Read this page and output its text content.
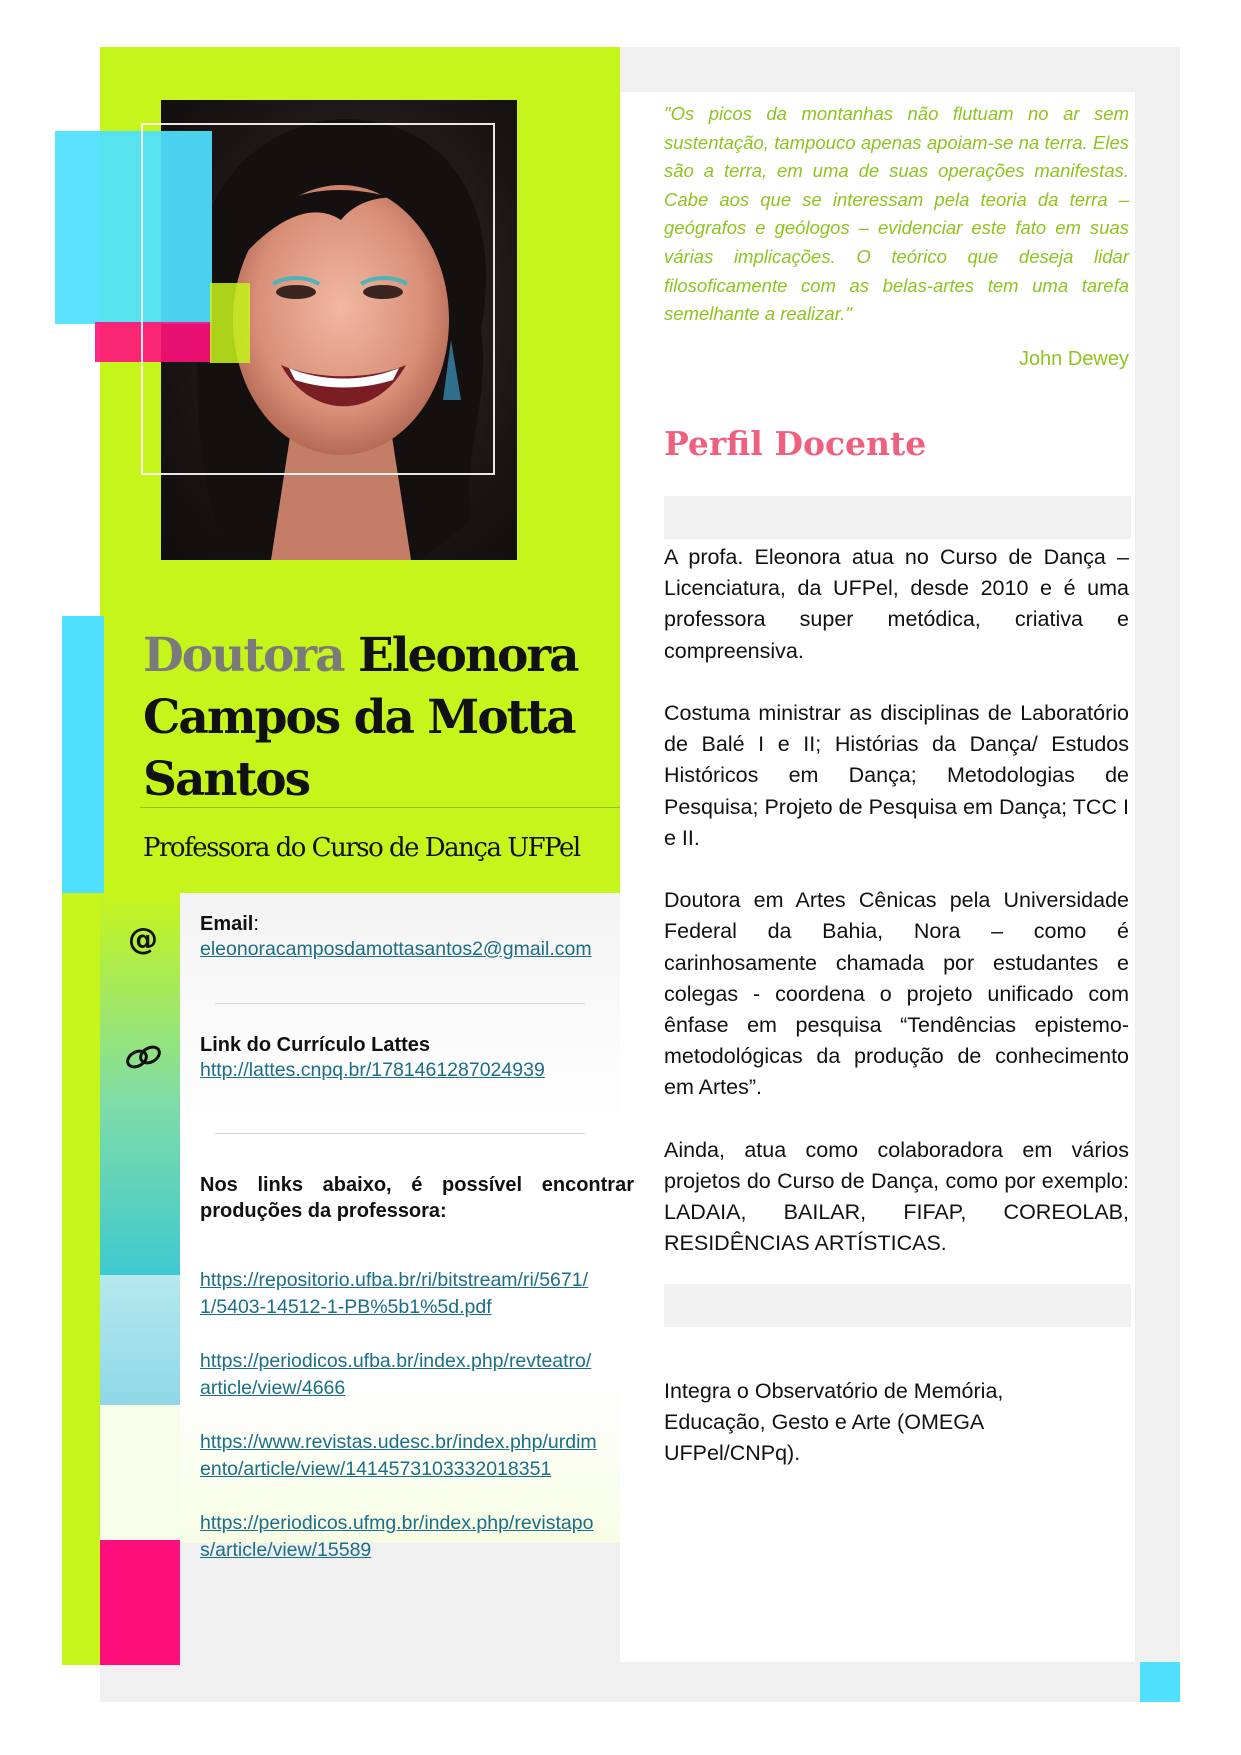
Doutora Eleonora
Campos da Motta
Santos
Professora do Curso de Dança UFPel
@ Email:
eleonoracamposdamottasantos2@gmail.com
Link do Currículo Lattes
http://lattes.cnpq.br/1781461287024939
Nos links abaixo, é possível encontrar produções da professora:
https://repositorio.ufba.br/ri/bitstream/ri/5671/1/5403-14512-1-PB%5b1%5d.pdf
https://periodicos.ufba.br/index.php/revteatro/article/view/4666
https://www.revistas.udesc.br/index.php/urdimento/article/view/1414573103332018351
https://periodicos.ufmg.br/index.php/revistapos/article/view/15589
"Os picos da montanhas não flutuam no ar sem sustentação, tampouco apenas apoiam-se na terra. Eles são a terra, em uma de suas operações manifestas. Cabe aos que se interessam pela teoria da terra – geógrafos e geólogos – evidenciar este fato em suas várias implicações. O teórico que deseja lidar filosoficamente com as belas-artes tem uma tarefa semelhante a realizar."
John Dewey
Perfil Docente

A profa. Eleonora atua no Curso de Dança – Licenciatura, da UFPel, desde 2010 e é uma professora super metódica, criativa e compreensiva.

Costuma ministrar as disciplinas de Laboratório de Balé I e II; Histórias da Dança/ Estudos Históricos em Dança; Metodologias de Pesquisa; Projeto de Pesquisa em Dança; TCC I e II.

Doutora em Artes Cênicas pela Universidade Federal da Bahia, Nora – como é carinhosamente chamada por estudantes e colegas - coordena o projeto unificado com ênfase em pesquisa “Tendências epistemo-metodológicas da produção de conhecimento em Artes”.

Ainda, atua como colaboradora em vários projetos do Curso de Dança, como por exemplo: LADAIA, BAILAR, FIFAP, COREOLAB, RESIDÊNCIAS ARTÍSTICAS.

Integra o Observatório de Memória, Educação, Gesto e Arte (OMEGA UFPel/CNPq).
